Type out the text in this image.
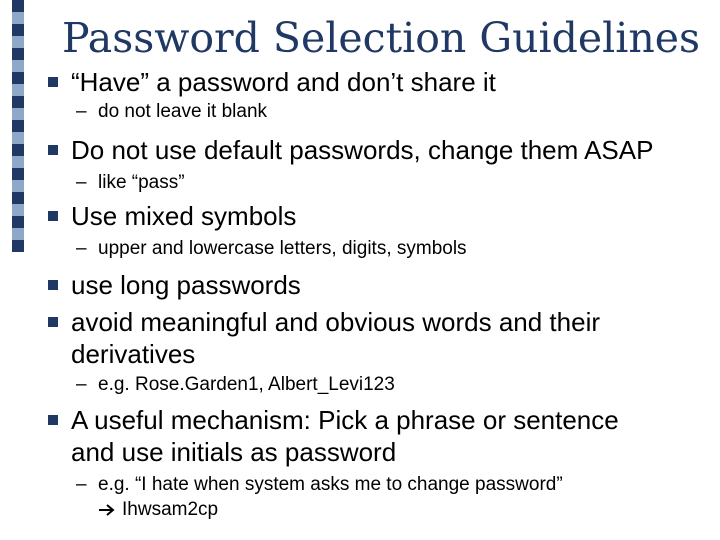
Password Selection Guidelines
“Have” a password and don’t share it
– do not leave it blank
Do not use default passwords, change them ASAP
– like “pass”
Use mixed symbols
– upper and lowercase letters, digits, symbols
use long passwords
avoid meaningful and obvious words and their
derivatives
– e.g. Rose.Garden1, Albert_Levi123
A useful mechanism: Pick a phrase or sentence
and use initials as password
– e.g. “I hate when system asks me to change password”
Ihwsam2cp
